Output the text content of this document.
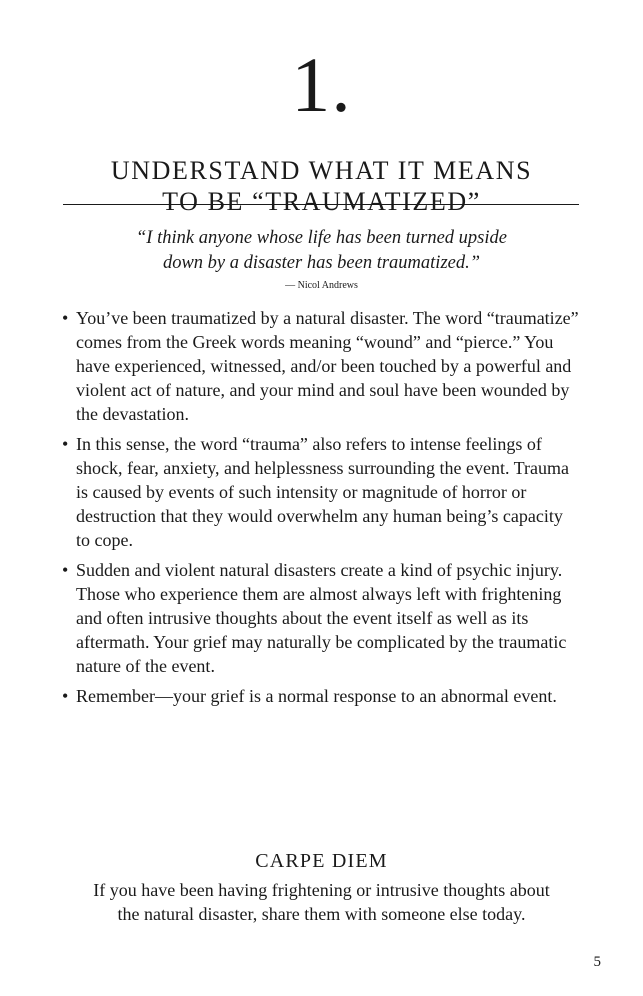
1.
UNDERSTAND WHAT IT MEANS
TO BE “TRAUMATIZED”
“I think anyone whose life has been turned upside
down by a disaster has been traumatized.”
— Nicol Andrews
• You’ve been traumatized by a natural disaster. The word “traumatize”
comes from the Greek words meaning “wound” and “pierce.” You
have experienced, witnessed, and/or been touched by a powerful and
violent act of nature, and your mind and soul have been wounded by
the devastation.
• In this sense, the word “trauma” also refers to intense feelings of
shock, fear, anxiety, and helplessness surrounding the event. Trauma
is caused by events of such intensity or magnitude of horror or
destruction that they would overwhelm any human being’s capacity
to cope.
• Sudden and violent natural disasters create a kind of psychic injury.
Those who experience them are almost always left with frightening
and often intrusive thoughts about the event itself as well as its
aftermath. Your grief may naturally be complicated by the traumatic
nature of the event.
• Remember—your grief is a normal response to an abnormal event.
CARPE DIEM
If you have been having frightening or intrusive thoughts about
the natural disaster, share them with someone else today.
5
